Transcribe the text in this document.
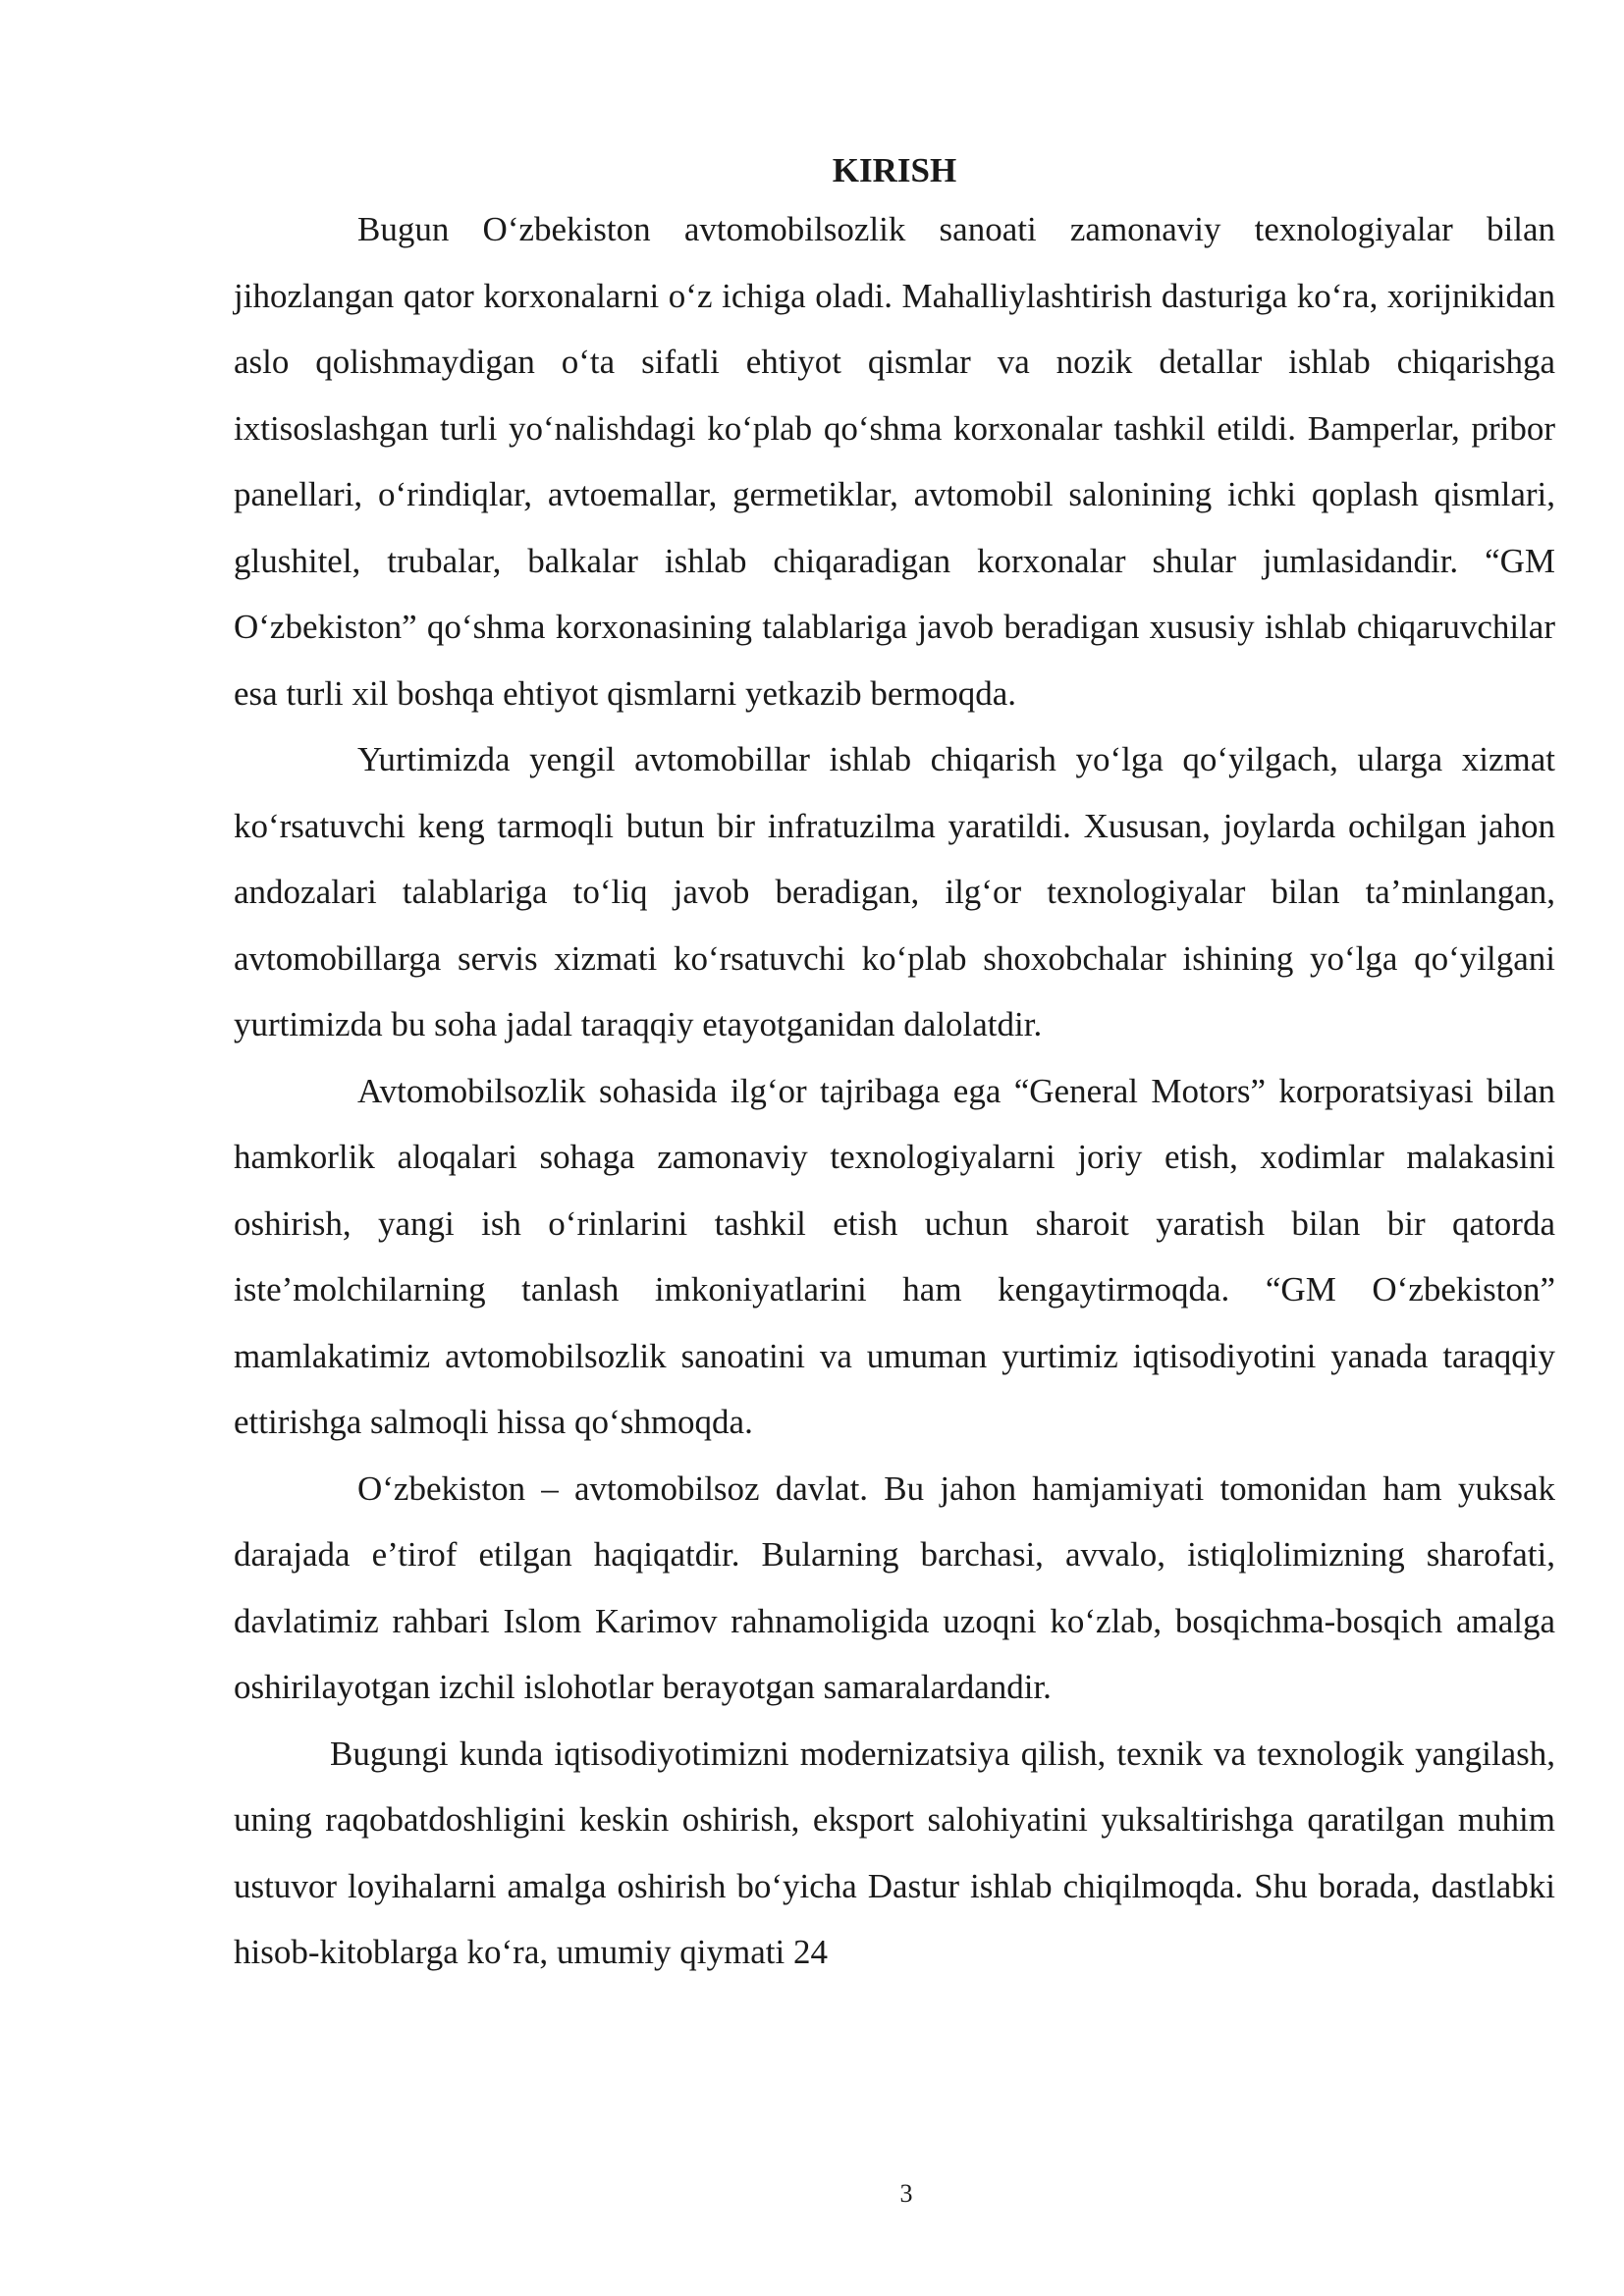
KIRISH

Bugun O‘zbekiston avtomobilsozlik sanoati zamonaviy texnologiyalar bilan jihozlangan qator korxonalarni o‘z ichiga oladi. Mahalliylashtirish dasturiga ko‘ra, xorijnikidan aslo qolishmaydigan o‘ta sifatli ehtiyot qismlar va nozik detallar ishlab chiqarishga ixtisoslashgan turli yo‘nalishdagi ko‘plab qo‘shma korxonalar tashkil etildi. Bamperlar, pribor panellari, o‘rindiqlar, avtoemallar, germetiklar, avtomobil salonining ichki qoplash qismlari, glushitel, trubalar, balkalar ishlab chiqaradigan korxonalar shular jumlasidandir. “GM O‘zbekiston” qo‘shma korxonasining talablariga javob beradigan xususiy ishlab chiqaruvchilar esa turli xil boshqa ehtiyot qismlarni yetkazib bermoqda.

Yurtimizda yengil avtomobillar ishlab chiqarish yo‘lga qo‘yilgach, ularga xizmat ko‘rsatuvchi keng tarmoqli butun bir infratuzilma yaratildi. Xususan, joylarda ochilgan jahon andozalari talablariga to‘liq javob beradigan, ilg‘or texnologiyalar bilan ta’minlangan, avtomobillarga servis xizmati ko‘rsatuvchi ko‘plab shoxobchalar ishining yo‘lga qo‘yilgani yurtimizda bu soha jadal taraqqiy etayotganidan dalolatdir.

Avtomobilsozlik sohasida ilg‘or tajribaga ega “General Motors” korporatsiyasi bilan hamkorlik aloqalari sohaga zamonaviy texnologiyalarni joriy etish, xodimlar malakasini oshirish, yangi ish o‘rinlarini tashkil etish uchun sharoit yaratish bilan bir qatorda iste’molchilarning tanlash imkoniyatlarini ham kengaytirmoqda. “GM O‘zbekiston” mamlakatimiz avtomobilsozlik sanoatini va umuman yurtimiz iqtisodiyotini yanada taraqqiy ettirishga salmoqli hissa qo‘shmoqda.

O‘zbekiston – avtomobilsoz davlat. Bu jahon hamjamiyati tomonidan ham yuksak darajada e’tirof etilgan haqiqatdir. Bularning barchasi, avvalo, istiqlolimizning sharofati, davlatimiz rahbari Islom Karimov rahnamoligida uzoqni ko‘zlab, bosqichma-bosqich amalga oshirilayotgan izchil islohotlar berayotgan samaralardandir.

Bugungi kunda iqtisodiyotimizni modernizatsiya qilish, texnik va texnologik yangilash, uning raqobatdoshligini keskin oshirish, eksport salohiyatini yuksaltirishga qaratilgan muhim ustuvor loyihalarni amalga oshirish bo‘yicha Dastur ishlab chiqilmoqda. Shu borada, dastlabki hisob-kitoblarga ko‘ra, umumiy qiymati 24

3
